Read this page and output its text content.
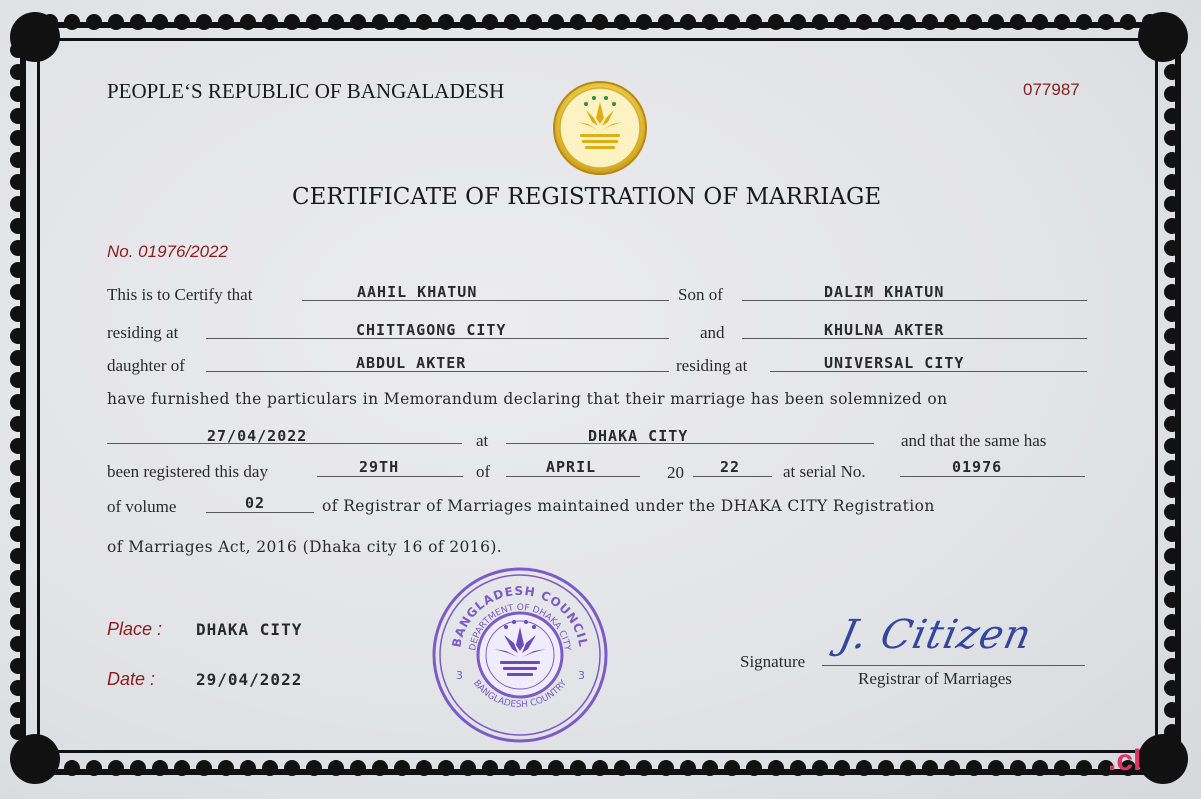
PEOPLE‘S REPUBLIC OF BANGALADESH	077987
CERTIFICATE OF REGISTRATION OF MARRIAGE
No. 01976/2022
This is to Certify that	AAHIL KHATUN	Son of	DALIM KHATUN
residing at	CHITTAGONG CITY	and	KHULNA AKTER
daughter of	ABDUL AKTER	residing at	UNIVERSAL CITY
have furnished the particulars in Memorandum declaring that their marriage has been solemnized on
27/04/2022	at	DHAKA CITY	and that the same has
been registered this day	29TH	of	APRIL	20 22	at serial No.	01976
of volume	02	of Registrar of Marriages maintained under the DHAKA CITY Registration
of Marriages Act, 2016 (Dhaka city 16 of 2016).
Place : DHAKA CITY
Date :	29/04/2022
BANGLADESH COUNCIL
DEPARTMENT OF DHAKA CITY
BANGLADESH COUNTRY
3	3
Signature
J. Citizen
Registrar of Marriages
.cl
